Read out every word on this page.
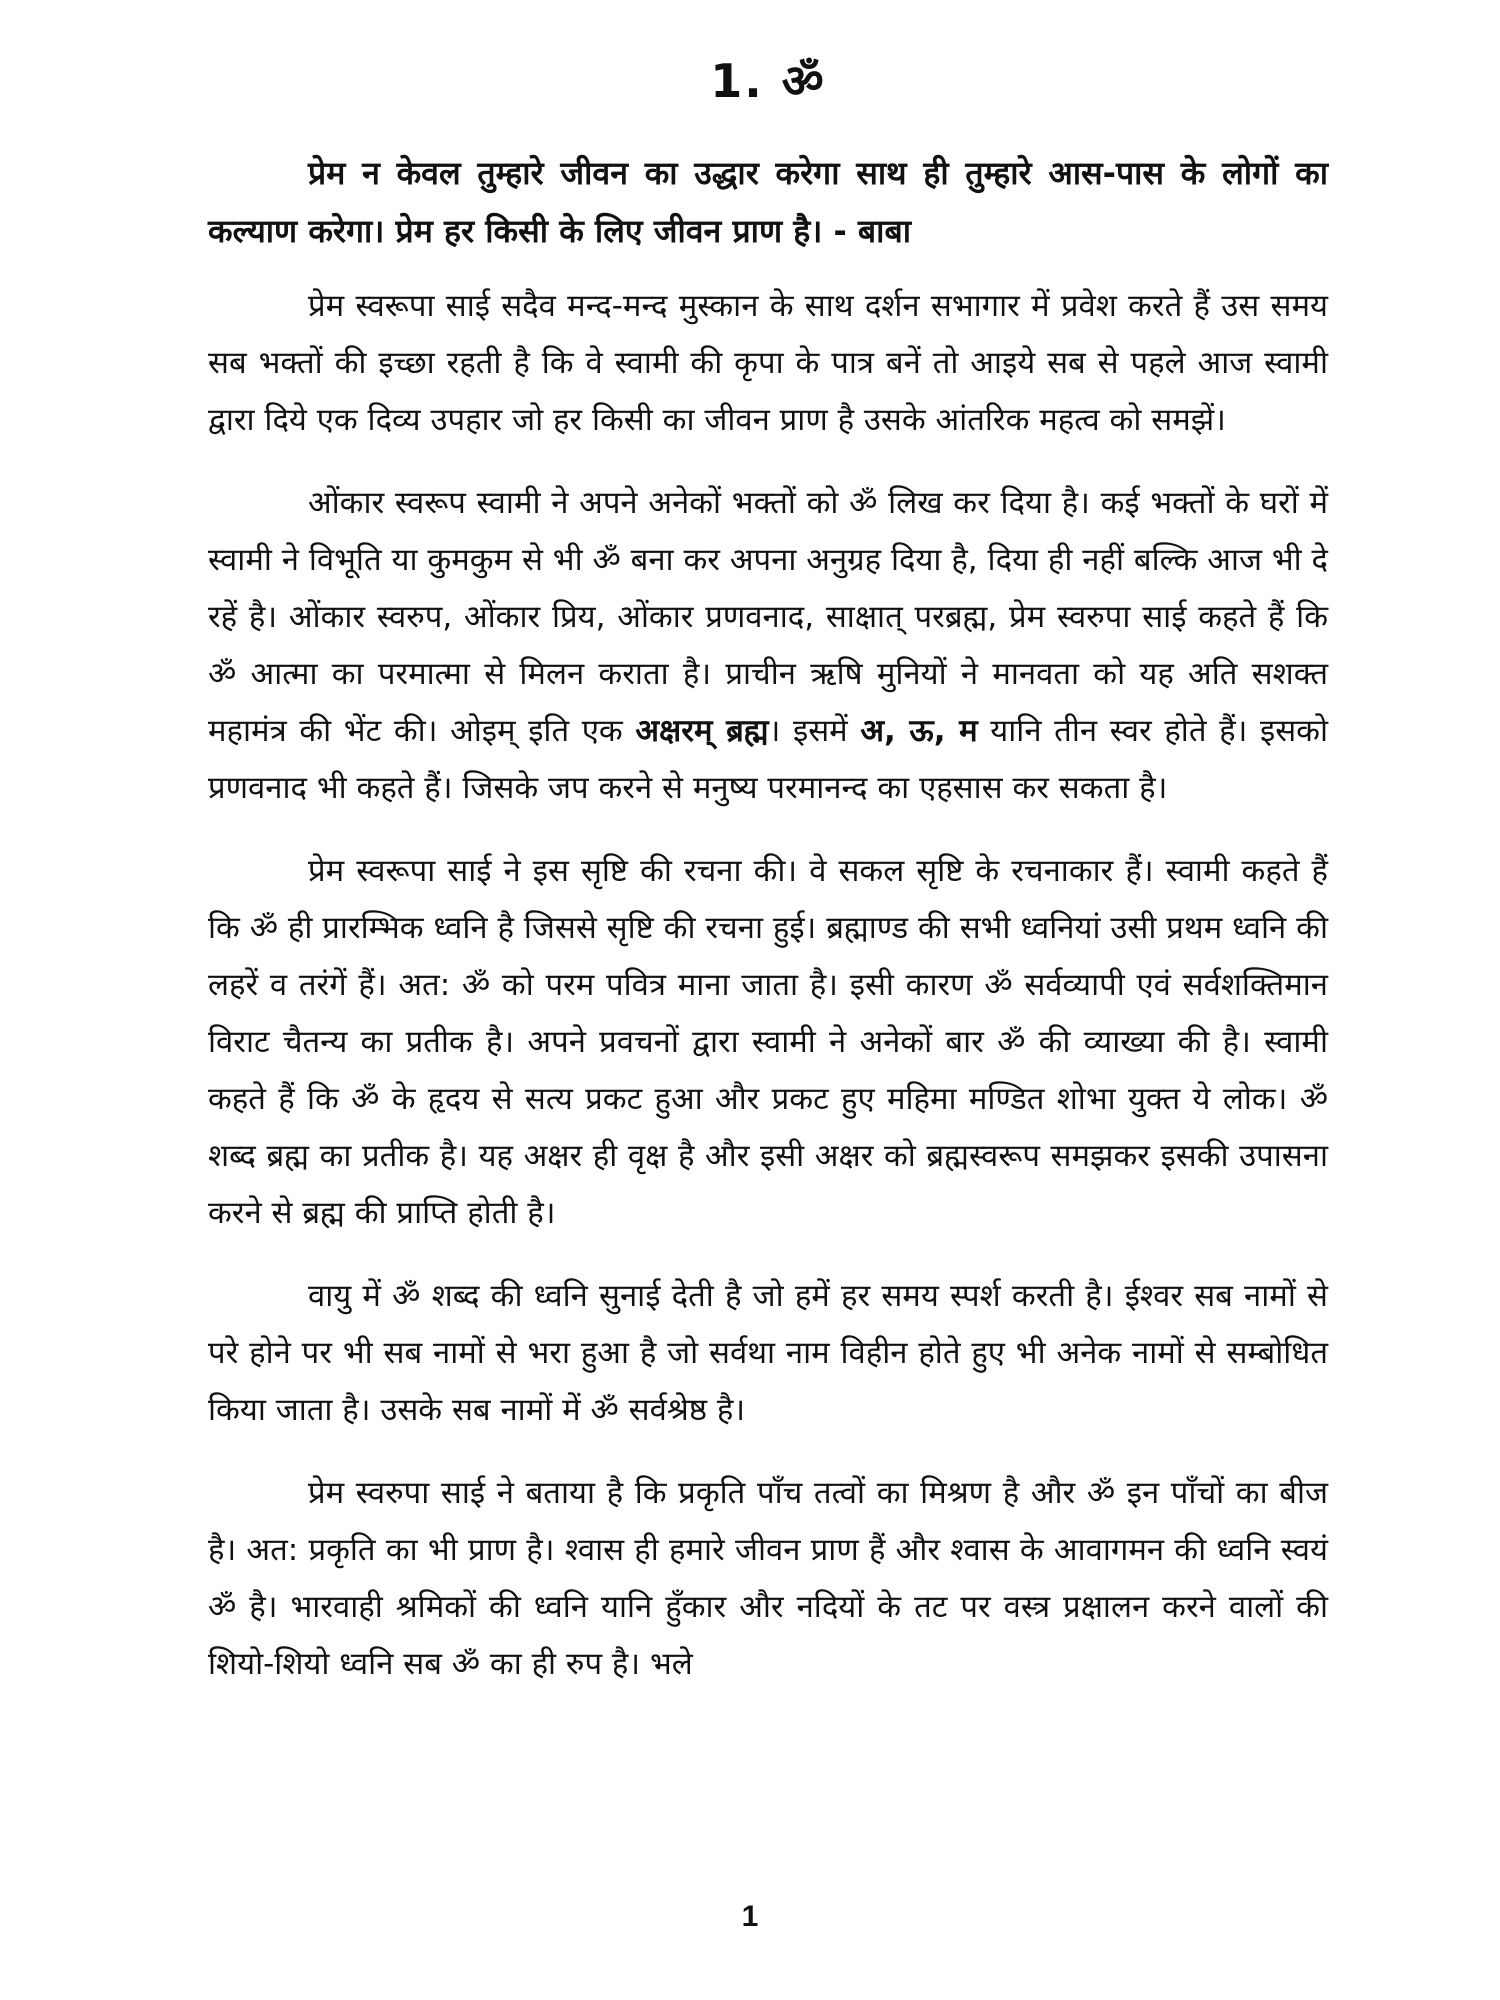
1. ॐ

प्रेम न केवल तुम्हारे जीवन का उद्धार करेगा साथ ही तुम्हारे आस-पास के लोगों का कल्याण करेगा। प्रेम हर किसी के लिए जीवन प्राण है। - बाबा

प्रेम स्वरूपा साई सदैव मन्द-मन्द मुस्कान के साथ दर्शन सभागार में प्रवेश करते हैं उस समय सब भक्तों की इच्छा रहती है कि वे स्वामी की कृपा के पात्र बनें तो आइये सब से पहले आज स्वामी द्वारा दिये एक दिव्य उपहार जो हर किसी का जीवन प्राण है उसके आंतरिक महत्व को समझें।

ओंकार स्वरूप स्वामी ने अपने अनेकों भक्तों को ॐ लिख कर दिया है। कई भक्तों के घरों में स्वामी ने विभूति या कुमकुम से भी ॐ बना कर अपना अनुग्रह दिया है, दिया ही नहीं बल्कि आज भी दे रहें है। ओंकार स्वरुप, ओंकार प्रिय, ओंकार प्रणवनाद, साक्षात् परब्रह्म, प्रेम स्वरुपा साई कहते हैं कि ॐ आत्मा का परमात्मा से मिलन कराता है। प्राचीन ऋषि मुनियों ने मानवता को यह अति सशक्त महामंत्र की भेंट की। ओइम् इति एक अक्षरम् ब्रह्म। इसमें अ, ऊ, म यानि तीन स्वर होते हैं। इसको प्रणवनाद भी कहते हैं। जिसके जप करने से मनुष्य परमानन्द का एहसास कर सकता है।

प्रेम स्वरूपा साई ने इस सृष्टि की रचना की। वे सकल सृष्टि के रचनाकार हैं। स्वामी कहते हैं कि ॐ ही प्रारम्भिक ध्वनि है जिससे सृष्टि की रचना हुई। ब्रह्माण्ड की सभी ध्वनियां उसी प्रथम ध्वनि की लहरें व तरंगें हैं। अत: ॐ को परम पवित्र माना जाता है। इसी कारण ॐ सर्वव्यापी एवं सर्वशक्तिमान विराट चैतन्य का प्रतीक है। अपने प्रवचनों द्वारा स्वामी ने अनेकों बार ॐ की व्याख्या की है। स्वामी कहते हैं कि ॐ के हृदय से सत्य प्रकट हुआ और प्रकट हुए महिमा मण्डित शोभा युक्त ये लोक। ॐ शब्द ब्रह्म का प्रतीक है। यह अक्षर ही वृक्ष है और इसी अक्षर को ब्रह्मस्वरूप समझकर इसकी उपासना करने से ब्रह्म की प्राप्ति होती है।

वायु में ॐ शब्द की ध्वनि सुनाई देती है जो हमें हर समय स्पर्श करती है। ईश्वर सब नामों से परे होने पर भी सब नामों से भरा हुआ है जो सर्वथा नाम विहीन होते हुए भी अनेक नामों से सम्बोधित किया जाता है। उसके सब नामों में ॐ सर्वश्रेष्ठ है।

प्रेम स्वरुपा साई ने बताया है कि प्रकृति पाँच तत्वों का मिश्रण है और ॐ इन पाँचों का बीज है। अत: प्रकृति का भी प्राण है। श्वास ही हमारे जीवन प्राण हैं और श्वास के आवागमन की ध्वनि स्वयं ॐ है। भारवाही श्रमिकों की ध्वनि यानि हुँकार और नदियों के तट पर वस्त्र प्रक्षालन करने वालों की शियो-शियो ध्वनि सब ॐ का ही रुप है। भले

1
